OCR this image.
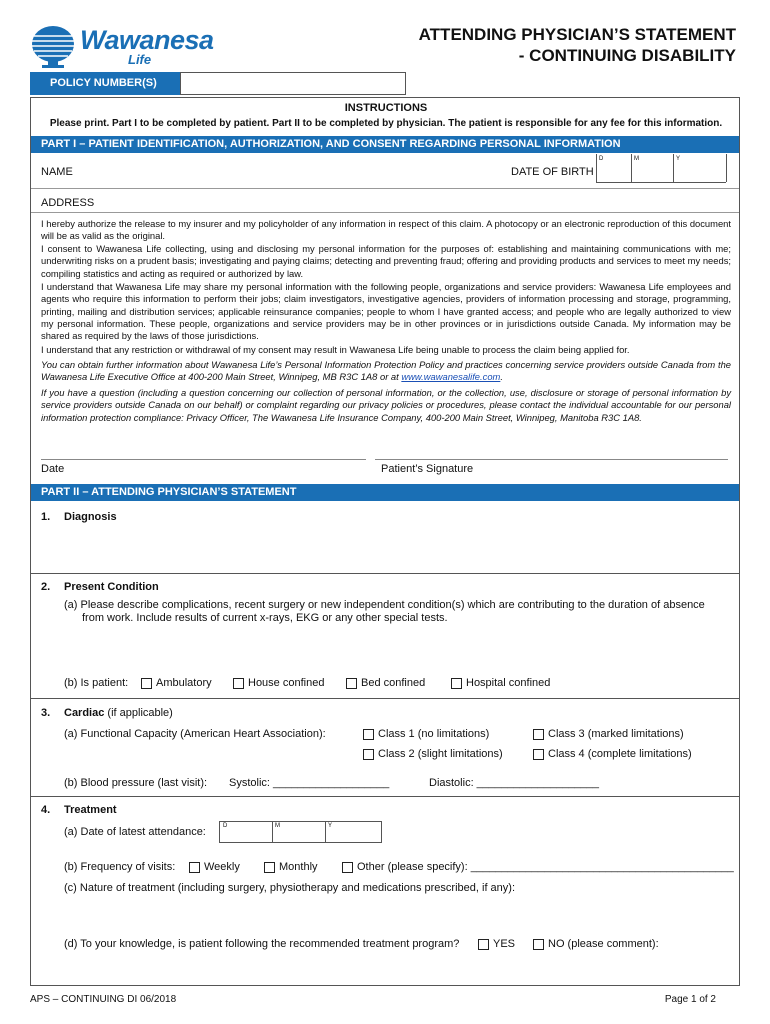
Wawanesa
Life
ATTENDING PHYSICIAN’S STATEMENT
- CONTINUING DISABILITY
POLICY NUMBER(S)
INSTRUCTIONS
Please print. Part I to be completed by patient. Part II to be completed by physician. The patient is responsible for any fee for this information.
PART I – PATIENT IDENTIFICATION, AUTHORIZATION, AND CONSENT REGARDING PERSONAL INFORMATION
NAME	DATE OF BIRTH
D	M	Y
ADDRESS
I hereby authorize the release to my insurer and my policyholder of any information in respect of this claim. A photocopy or an electronic reproduction of this document will be as valid as the original.
I consent to Wawanesa Life collecting, using and disclosing my personal information for the purposes of: establishing and maintaining communications with me; underwriting risks on a prudent basis; investigating and paying claims; detecting and preventing fraud; offering and providing products and services to meet my needs; compiling statistics and acting as required or authorized by law.
I understand that Wawanesa Life may share my personal information with the following people, organizations and service providers: Wawanesa Life employees and agents who require this information to perform their jobs; claim investigators, investigative agencies, providers of information processing and storage, programming, printing, mailing and distribution services; applicable reinsurance companies; people to whom I have granted access; and people who are legally authorized to view my personal information. These people, organizations and service providers may be in other provinces or in jurisdictions outside Canada. My information may be shared as required by the laws of those jurisdictions.
I understand that any restriction or withdrawal of my consent may result in Wawanesa Life being unable to process the claim being applied for.
You can obtain further information about Wawanesa Life’s Personal Information Protection Policy and practices concerning service providers outside Canada from the Wawanesa Life Executive Office at 400-200 Main Street, Winnipeg, MB R3C 1A8 or at www.wawanesalife.com.
If you have a question (including a question concerning our collection of personal information, or the collection, use, disclosure or storage of personal information by service providers outside Canada on our behalf) or complaint regarding our privacy policies or procedures, please contact the individual accountable for our personal information protection compliance: Privacy Officer, The Wawanesa Life Insurance Company, 400-200 Main Street, Winnipeg, Manitoba R3C 1A8.
Date	Patient’s Signature
PART II – ATTENDING PHYSICIAN’S STATEMENT
1. Diagnosis
2. Present Condition
(a) Please describe complications, recent surgery or new independent condition(s) which are contributing to the duration of absence
from work. Include results of current x-rays, EKG or any other special tests.
(b) Is patient:	Ambulatory	House confined	Bed confined	Hospital confined
3. Cardiac (if applicable)
(a) Functional Capacity (American Heart Association):	Class 1 (no limitations)	Class 3 (marked limitations)
Class 2 (slight limitations)	Class 4 (complete limitations)
(b) Blood pressure (last visit): Systolic: ___________________	Diastolic: ____________________
4. Treatment
(a) Date of latest attendance:	D	M	Y
(b) Frequency of visits:	Weekly	Monthly	Other (please specify): ___________________________________________
(c) Nature of treatment (including surgery, physiotherapy and medications prescribed, if any):
(d) To your knowledge, is patient following the recommended treatment program?	YES	NO (please comment):
APS – CONTINUING DI 06/2018	Page 1 of 2
